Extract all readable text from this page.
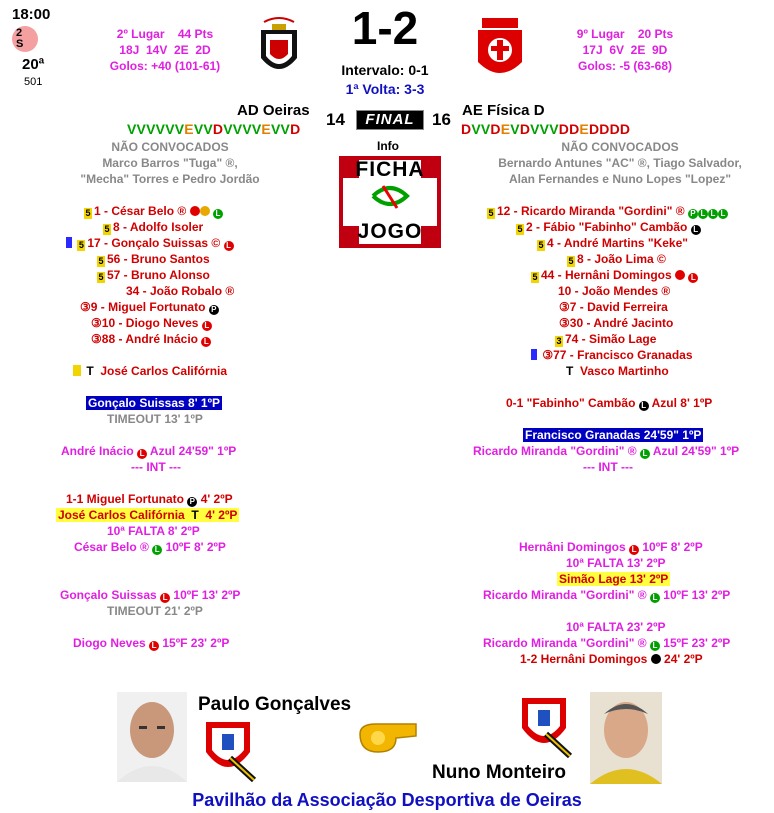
18:00
2
S
20ª
501
2º Lugar 44 Pts
18J  14V  2E  2D
Golos: +40 (101-61)
1-2
Intervalo: 0-1
1ª Volta: 3-3
9º Lugar 20 Pts
17J  6V  2E  9D
Golos: -5 (63-68)
AD Oeiras	AE Física D
14	16
FINAL
VVVVVVEVVDVVVVEVVD	DVVDEVDVVVDDEDDDD
Info
FICHA
JOGO
NÃO CONVOCADOS
Marco Barros "Tuga" ®,
"Mecha" Torres e Pedro Jordão
NÃO CONVOCADOS
Bernardo Antunes "AC" ®, Tiago Salvador,
Alan Fernandes e Nuno Lopes "Lopez"
5 1 - César Belo ®	L
5 8 - Adolfo Isoler
5 17 - Gonçalo Suissas © L
5 56 - Bruno Santos
5 57 - Bruno Alonso
34 - João Robalo ®
③9 - Miguel Fortunato P
③10 - Diogo Neves L
③88 - André Inácio L
T José Carlos Califórnia
5 12 - Ricardo Miranda "Gordini" ® P L L L
5 2 - Fábio "Fabinho" Cambão L
5 4 - André Martins "Keke"
5 8 - João Lima ©
5 44 - Hernâni Domingos L
10 - João Mendes ®
③7 - David Ferreira
③30 - André Jacinto
3 74 - Simão Lage
③77 - Francisco Granadas
T Vasco Martinho
Gonçalo Suissas 8' 1ºP
TIMEOUT 13' 1ºP
André Inácio L Azul 24'59" 1ºP
--- INT ---
1-1 Miguel Fortunato P 4' 2ºP
José Carlos Califórnia T 4' 2ºP
10ª FALTA 8' 2ºP
César Belo ® L 10ºF 8' 2ºP
Gonçalo Suissas L 10ºF 13' 2ºP
TIMEOUT 21' 2ºP
Diogo Neves L 15ºF 23' 2ºP
0-1 "Fabinho" Cambão L Azul 8' 1ºP
Francisco Granadas 24'59" 1ºP
Ricardo Miranda "Gordini" ® L Azul 24'59" 1ºP
--- INT ---
Hernâni Domingos L 10ºF 8' 2ºP
10ª FALTA 13' 2ºP
Simão Lage 13' 2ºP
Ricardo Miranda "Gordini" ® L 10ºF 13' 2ºP
10ª FALTA 23' 2ºP
Ricardo Miranda "Gordini" ® L 15ºF 23' 2ºP
1-2 Hernâni Domingos 24' 2ºP
Paulo Gonçalves
Nuno Monteiro
Pavilhão da Associação Desportiva de Oeiras
